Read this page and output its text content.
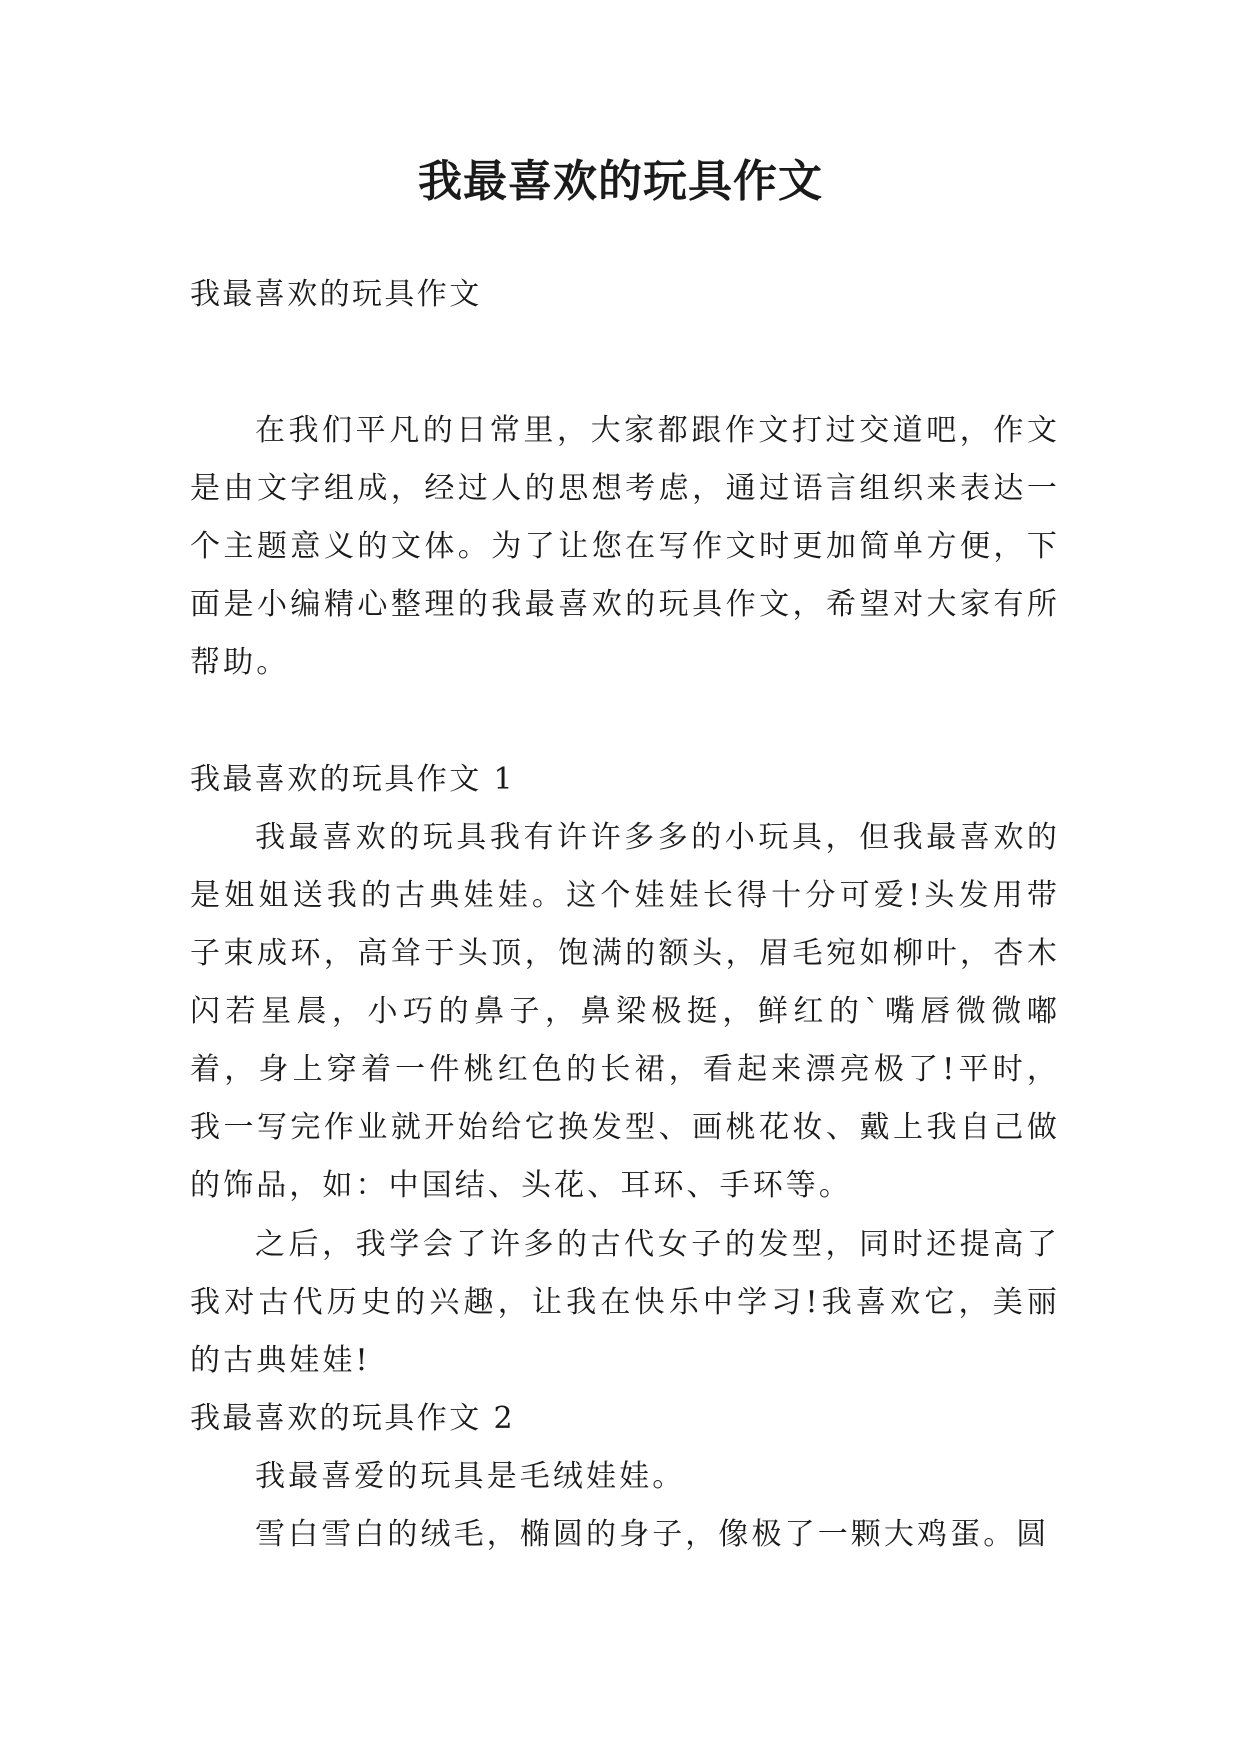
我最喜欢的玩具作文

我最喜欢的玩具作文

在我们平凡的日常里，大家都跟作文打过交道吧，作文是由文字组成，经过人的思想考虑，通过语言组织来表达一个主题意义的文体。为了让您在写作文时更加简单方便，下面是小编精心整理的我最喜欢的玩具作文，希望对大家有所帮助。

我最喜欢的玩具作文 1

我最喜欢的玩具我有许许多多的小玩具，但我最喜欢的是姐姐送我的古典娃娃。这个娃娃长得十分可爱!头发用带子束成环，高耸于头顶，饱满的额头，眉毛宛如柳叶，杏木闪若星晨，小巧的鼻子，鼻梁极挺，鲜红的`嘴唇微微嘟着，身上穿着一件桃红色的长裙，看起来漂亮极了!平时，我一写完作业就开始给它换发型、画桃花妆、戴上我自己做的饰品，如：中国结、头花、耳环、手环等。

之后，我学会了许多的古代女子的发型，同时还提高了我对古代历史的兴趣，让我在快乐中学习!我喜欢它，美丽的古典娃娃!

我最喜欢的玩具作文 2

我最喜爱的玩具是毛绒娃娃。

雪白雪白的绒毛，椭圆的身子，像极了一颗大鸡蛋。圆
